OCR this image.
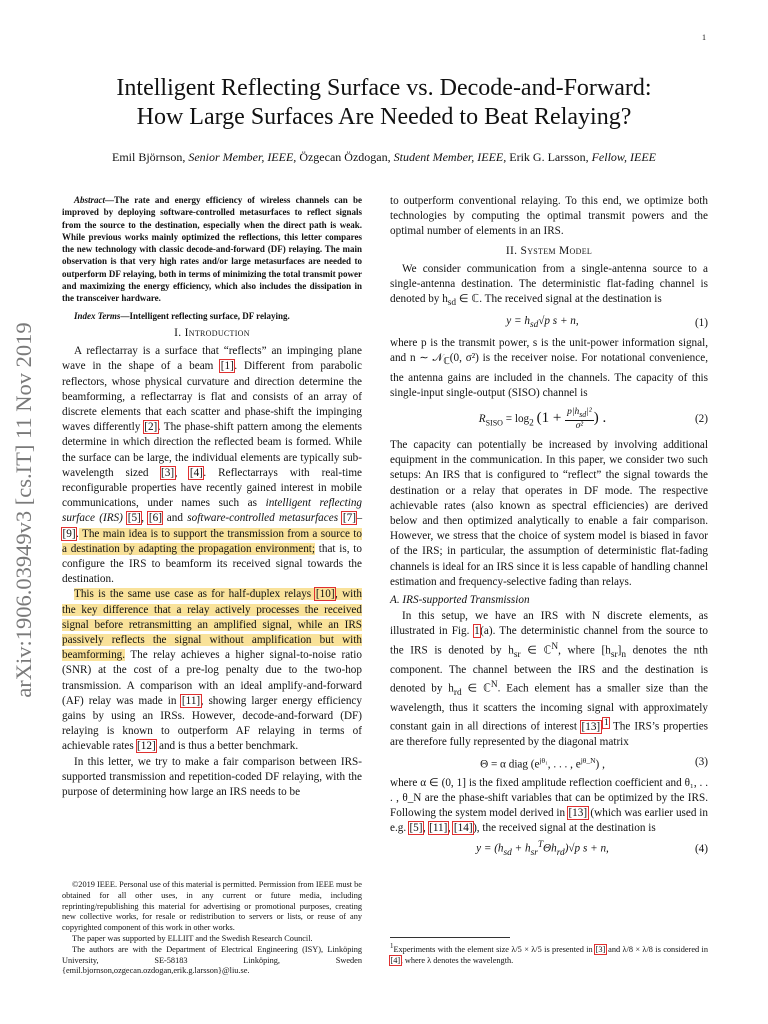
1
arXiv:1906.03949v3 [cs.IT] 11 Nov 2019
Intelligent Reflecting Surface vs. Decode-and-Forward:
How Large Surfaces Are Needed to Beat Relaying?
Emil Björnson, Senior Member, IEEE, Özgecan Özdogan, Student Member, IEEE, Erik G. Larsson, Fellow, IEEE

Abstract—The rate and energy efficiency of wireless channels can be improved by deploying software-controlled metasurfaces to reflect signals from the source to the destination, especially when the direct path is weak. While previous works mainly optimized the reflections, this letter compares the new technology with classic decode-and-forward (DF) relaying. The main observation is that very high rates and/or large metasurfaces are needed to outperform DF relaying, both in terms of minimizing the total transmit power and maximizing the energy efficiency, which also includes the dissipation in the transceiver hardware.

Index Terms—Intelligent reflecting surface, DF relaying.

I. Introduction

A reflectarray is a surface that “reflects” an impinging plane wave in the shape of a beam [1]. Different from parabolic reflectors, whose physical curvature and direction determine the beamforming, a reflectarray is flat and consists of an array of discrete elements that each scatter and phase-shift the impinging waves differently [2]. The phase-shift pattern among the elements determine in which direction the reflected beam is formed. While the surface can be large, the individual elements are typically sub-wavelength sized [3], [4]. Reflectarrays with real-time reconfigurable properties have recently gained interest in mobile communications, under names such as intelligent reflecting surface (IRS) [5], [6] and software-controlled metasurfaces [7]–[9]. The main idea is to support the transmission from a source to a destination by adapting the propagation environment; that is, to configure the IRS to beamform its received signal towards the destination.

This is the same use case as for half-duplex relays [10], with the key difference that a relay actively processes the received signal before retransmitting an amplified signal, while an IRS passively reflects the signal without amplification but with beamforming. The relay achieves a higher signal-to-noise ratio (SNR) at the cost of a pre-log penalty due to the two-hop transmission. A comparison with an ideal amplify-and-forward (AF) relay was made in [11], showing larger energy efficiency gains by using an IRSs. However, decode-and-forward (DF) relaying is known to outperform AF relaying in terms of achievable rates [12] and is thus a better benchmark.

In this letter, we try to make a fair comparison between IRS-supported transmission and repetition-coded DF relaying, with the purpose of determining how large an IRS needs to be

©2019 IEEE. Personal use of this material is permitted. Permission from IEEE must be obtained for all other uses, in any current or future media, including reprinting/republishing this material for advertising or promotional purposes, creating new collective works, for resale or redistribution to servers or lists, or reuse of any copyrighted component of this work in other works.

The paper was supported by ELLIIT and the Swedish Research Council.

The authors are with the Department of Electrical Engineering (ISY), Linköping University, SE-58183 Linköping, Sweden {emil.bjornson,ozgecan.ozdogan,erik.g.larsson}@liu.se.

to outperform conventional relaying. To this end, we optimize both technologies by computing the optimal transmit powers and the optimal number of elements in an IRS.

II. System Model

We consider communication from a single-antenna source to a single-antenna destination. The deterministic flat-fading channel is denoted by $h_{sd}$ ∈ ℂ. The received signal at the destination is

$y = h_{sd}√p$ s + n,	(1)

where p is the transmit power, s is the unit-power information signal, and n ∼ 𝒩$_ℂ$(0, σ²) is the receiver noise. For notational convenience, the antenna gains are included in the channels. The capacity of this single-input single-output (SISO) channel is

$R_{SISO} = \log_2 (1 + p|h_{sd}|^2$
σ² ) .	(2)

The capacity can potentially be increased by involving additional equipment in the communication. In this paper, we consider two such setups: An IRS that is configured to “reflect” the signal towards the destination or a relay that operates in DF mode. The respective achievable rates (also known as spectral efficiencies) are derived below and then optimized analytically to enable a fair comparison. However, we stress that the choice of system model is biased in favor of the IRS; in particular, the assumption of deterministic flat-fading channels is ideal for an IRS since it is less capable of handling channel estimation and frequency-selective fading than relays.

A. IRS-supported Transmission

In this setup, we have an IRS with N discrete elements, as illustrated in Fig. 1(a). The deterministic channel from the source to the IRS is denoted by $h_{sr}$ ∈ ℂ$^N$, where $[h_{sr}]_n$ denotes the nth component. The channel between the IRS and the destination is denoted by $h_{rd}$ ∈ ℂ$^N$. Each element has a smaller size than the wavelength, thus it scatters the incoming signal with approximately constant gain in all directions of interest [13].$^1$ The IRS’s properties are therefore fully represented by the diagonal matrix

Θ = α diag ($e^{j\theta_1}$, . . . , $e^{j\theta\_N}$) ,	(3)

where α ∈ (0, 1] is the fixed amplitude reflection coefficient and θ₁, . . . , θ_N are the phase-shift variables that can be optimized by the IRS. Following the system model derived in [13] (which was earlier used in e.g. [5], [11], [14]), the received signal at the destination is

$y = (h_{sd} + h_{sr}^T\Theta h_{rd})√p$ s + n,	(4)
$^1$Experiments with the element size λ/5 × λ/5 is presented in [3] and λ/8 × λ/8 is considered in [4], where λ denotes the wavelength.
